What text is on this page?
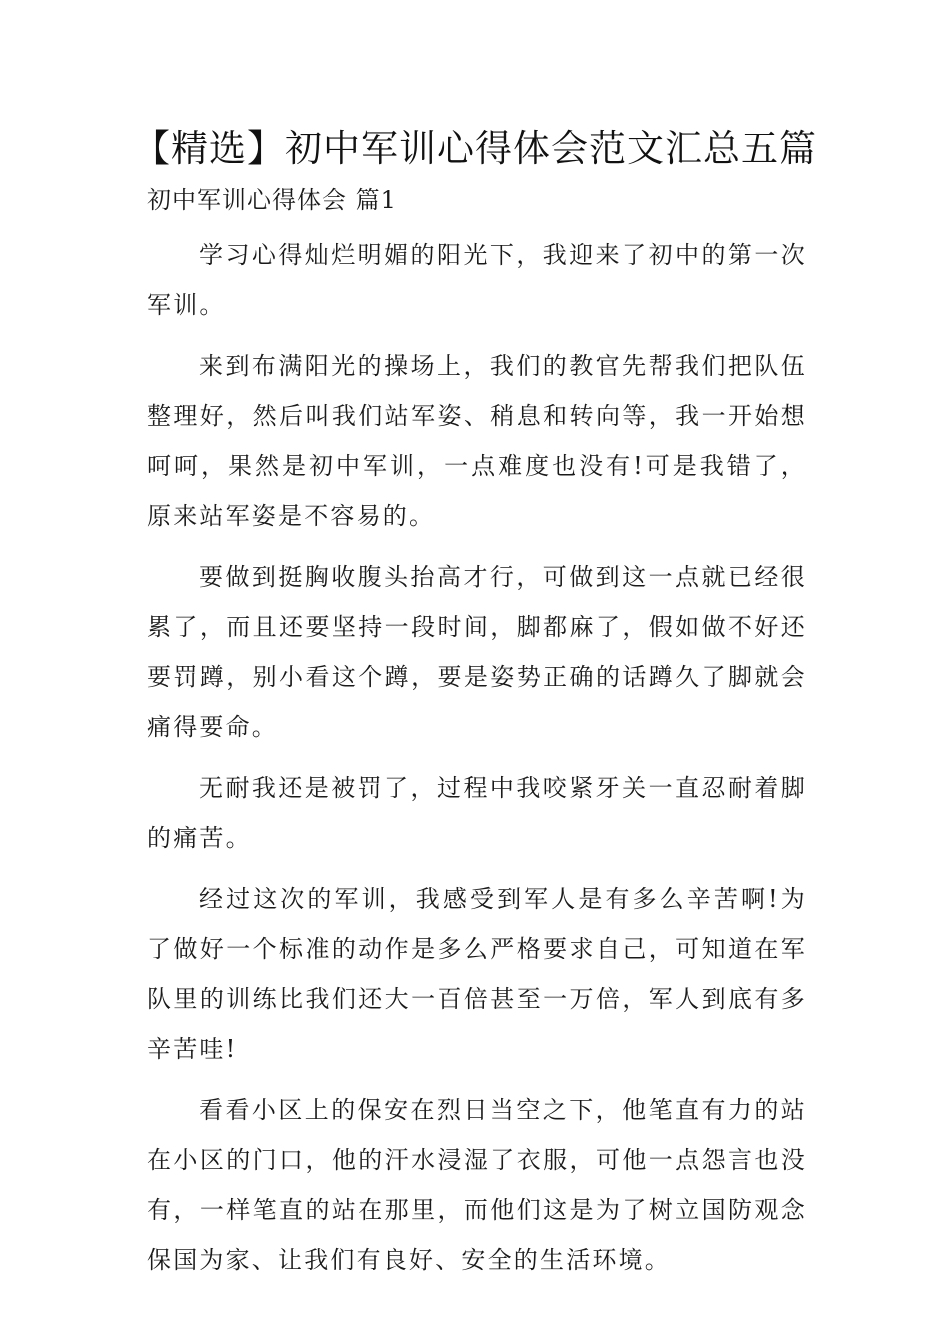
【精选】初中军训心得体会范文汇总五篇
初中军训心得体会 篇1

学习心得灿烂明媚的阳光下，我迎来了初中的第一次军训。

来到布满阳光的操场上，我们的教官先帮我们把队伍整理好，然后叫我们站军姿、稍息和转向等，我一开始想呵呵，果然是初中军训，一点难度也没有!可是我错了，原来站军姿是不容易的。

要做到挺胸收腹头抬高才行，可做到这一点就已经很累了，而且还要坚持一段时间，脚都麻了，假如做不好还要罚蹲，别小看这个蹲，要是姿势正确的话蹲久了脚就会痛得要命。

无耐我还是被罚了，过程中我咬紧牙关一直忍耐着脚的痛苦。

经过这次的军训，我感受到军人是有多么辛苦啊!为了做好一个标准的动作是多么严格要求自己，可知道在军队里的训练比我们还大一百倍甚至一万倍，军人到底有多辛苦哇!

看看小区上的保安在烈日当空之下，他笔直有力的站在小区的门口，他的汗水浸湿了衣服，可他一点怨言也没有，一样笔直的站在那里，而他们这是为了树立国防观念保国为家、让我们有良好、安全的生活环境。
